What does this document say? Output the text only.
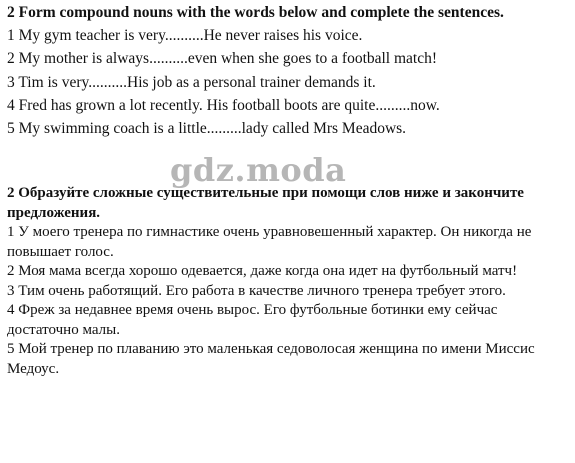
2 Form compound nouns with the words below and complete the sentences.
1 My gym teacher is very..........He never raises his voice.
2 My mother is always..........even when she goes to a football match!
3 Tim is very..........His job as a personal trainer demands it.
4 Fred has grown a lot recently. His football boots are quite.........now.
5 My swimming coach is a little.........lady called Mrs Meadows.
gdz.moda

2 Образуйте сложные существительные при помощи слов ниже и закончите предложения.

1 У моего тренера по гимнастике очень уравновешенный характер. Он никогда не повышает голос.
2 Моя мама всегда хорошо одевается, даже когда она идет на футбольный матч!
3 Тим очень работящий. Его работа в качестве личного тренера требует этого.
4 Фреж за недавнее время очень вырос. Его футбольные ботинки ему сейчас достаточно малы.
5 Мой тренер по плаванию это маленькая седоволосая женщина по имени Миссис Медоус.
